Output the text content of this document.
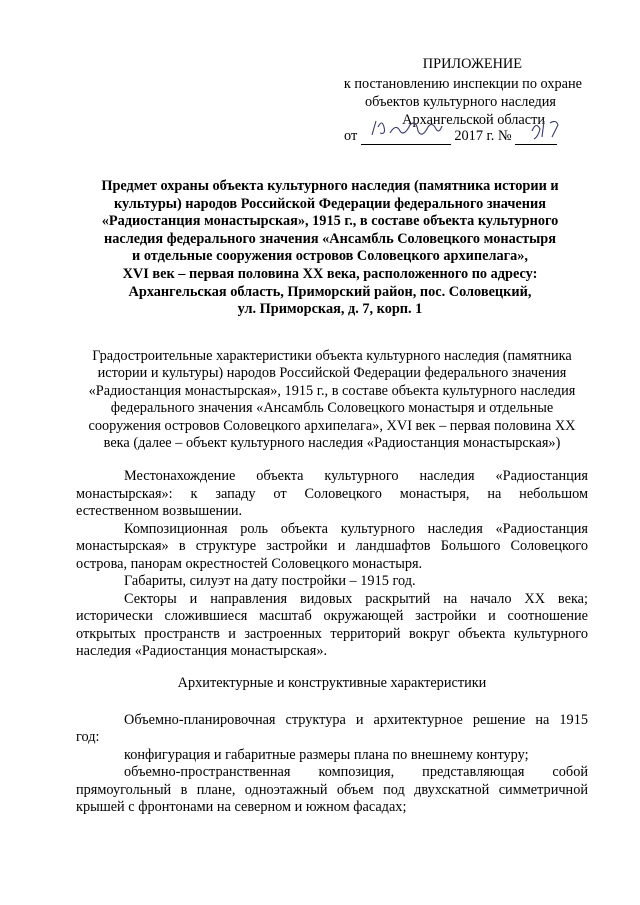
ПРИЛОЖЕНИЕ
к постановлению инспекции по охране
объектов культурного наследия
Архангельской области
от	2017 г. №
Предмет охраны объекта культурного наследия (памятника истории и
культуры) народов Российской Федерации федерального значения
«Радиостанция монастырская», 1915 г., в составе объекта культурного
наследия федерального значения «Ансамбль Соловецкого монастыря
и отдельные сооружения островов Соловецкого архипелага»,
XVI век – первая половина XX века, расположенного по адресу:
Архангельская область, Приморский район, пос. Соловецкий,
ул. Приморская, д. 7, корп. 1
Градостроительные характеристики объекта культурного наследия (памятника
истории и культуры) народов Российской Федерации федерального значения
«Радиостанция монастырская», 1915 г., в составе объекта культурного наследия
федерального значения «Ансамбль Соловецкого монастыря и отдельные
сооружения островов Соловецкого архипелага», XVI век – первая половина XX
века (далее – объект культурного наследия «Радиостанция монастырская»)
Местонахождение объекта культурного наследия «Радиостанция
монастырская»: к западу от Соловецкого монастыря, на небольшом
естественном возвышении.
Композиционная роль объекта культурного наследия «Радиостанция
монастырская» в структуре застройки и ландшафтов Большого Соловецкого
острова, панорам окрестностей Соловецкого монастыря.
Габариты, силуэт на дату постройки – 1915 год.
Секторы и направления видовых раскрытий на начало XX века;
исторически сложившиеся масштаб окружающей застройки и соотношение
открытых пространств и застроенных территорий вокруг объекта культурного
наследия «Радиостанция монастырская».
Архитектурные и конструктивные характеристики
Объемно-планировочная структура и архитектурное решение на 1915
год:
конфигурация и габаритные размеры плана по внешнему контуру;
объемно-пространственная композиция, представляющая собой
прямоугольный в плане, одноэтажный объем под двухскатной симметричной
крышей с фронтонами на северном и южном фасадах;
